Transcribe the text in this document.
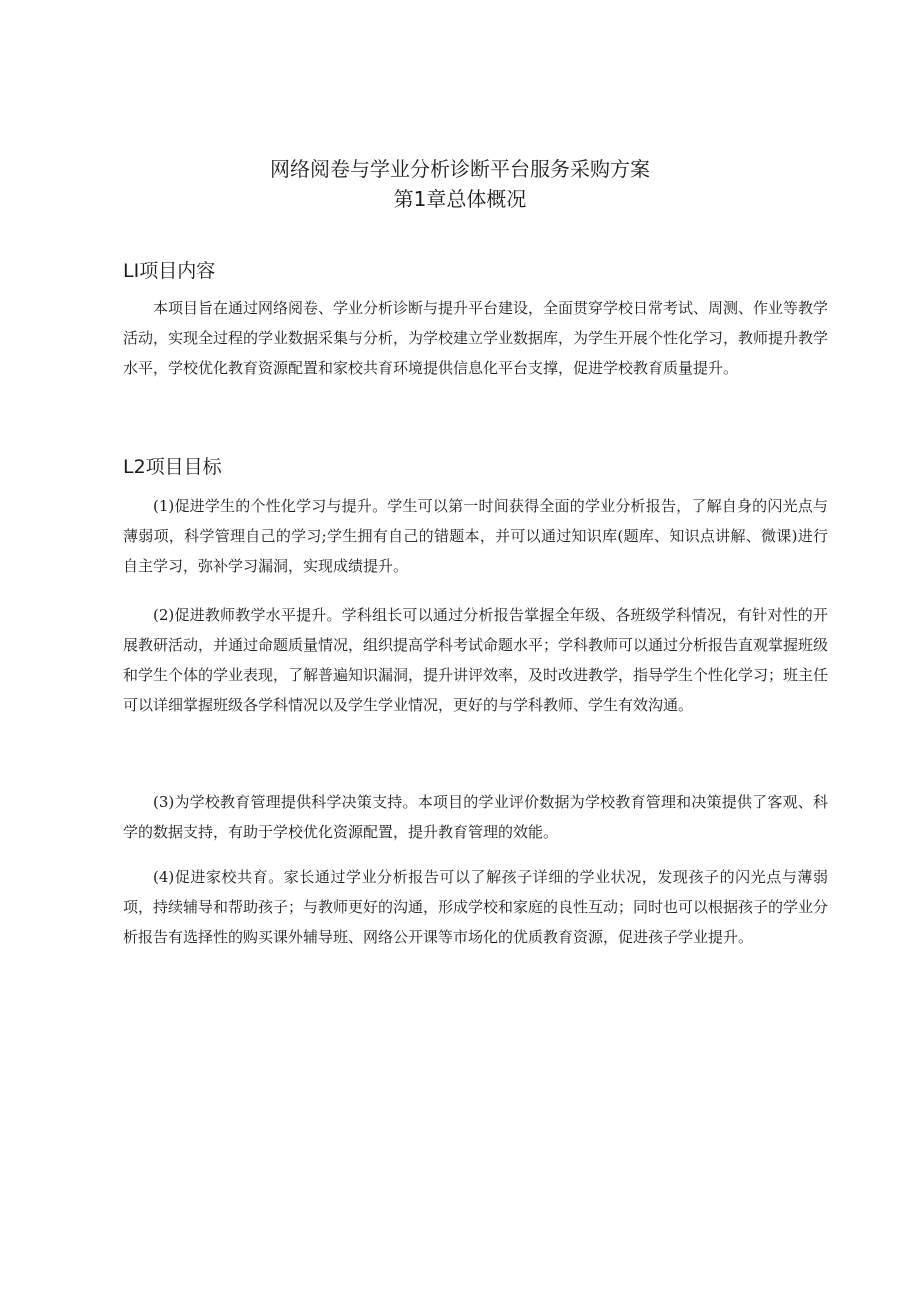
网络阅卷与学业分析诊断平台服务采购方案
第1章总体概况
LI项目内容

本项目旨在通过网络阅卷、学业分析诊断与提升平台建设，全面贯穿学校日常考试、周测、作业等教学活动，实现全过程的学业数据采集与分析，为学校建立学业数据库，为学生开展个性化学习，教师提升教学水平，学校优化教育资源配置和家校共育环境提供信息化平台支撑，促进学校教育质量提升。

L2项目目标

(1)促进学生的个性化学习与提升。学生可以第一时间获得全面的学业分析报告，了解自身的闪光点与薄弱项，科学管理自己的学习;学生拥有自己的错题本，并可以通过知识库(题库、知识点讲解、微课)进行自主学习，弥补学习漏洞，实现成绩提升。

(2)促进教师教学水平提升。学科组长可以通过分析报告掌握全年级、各班级学科情况，有针对性的开展教研活动，并通过命题质量情况，组织提高学科考试命题水平；学科教师可以通过分析报告直观掌握班级和学生个体的学业表现，了解普遍知识漏洞，提升讲评效率，及时改进教学，指导学生个性化学习；班主任可以详细掌握班级各学科情况以及学生学业情况，更好的与学科教师、学生有效沟通。

(3)为学校教育管理提供科学决策支持。本项目的学业评价数据为学校教育管理和决策提供了客观、科学的数据支持，有助于学校优化资源配置，提升教育管理的效能。

(4)促进家校共育。家长通过学业分析报告可以了解孩子详细的学业状况，发现孩子的闪光点与薄弱项，持续辅导和帮助孩子；与教师更好的沟通，形成学校和家庭的良性互动；同时也可以根据孩子的学业分析报告有选择性的购买课外辅导班、网络公开课等市场化的优质教育资源，促进孩子学业提升。
